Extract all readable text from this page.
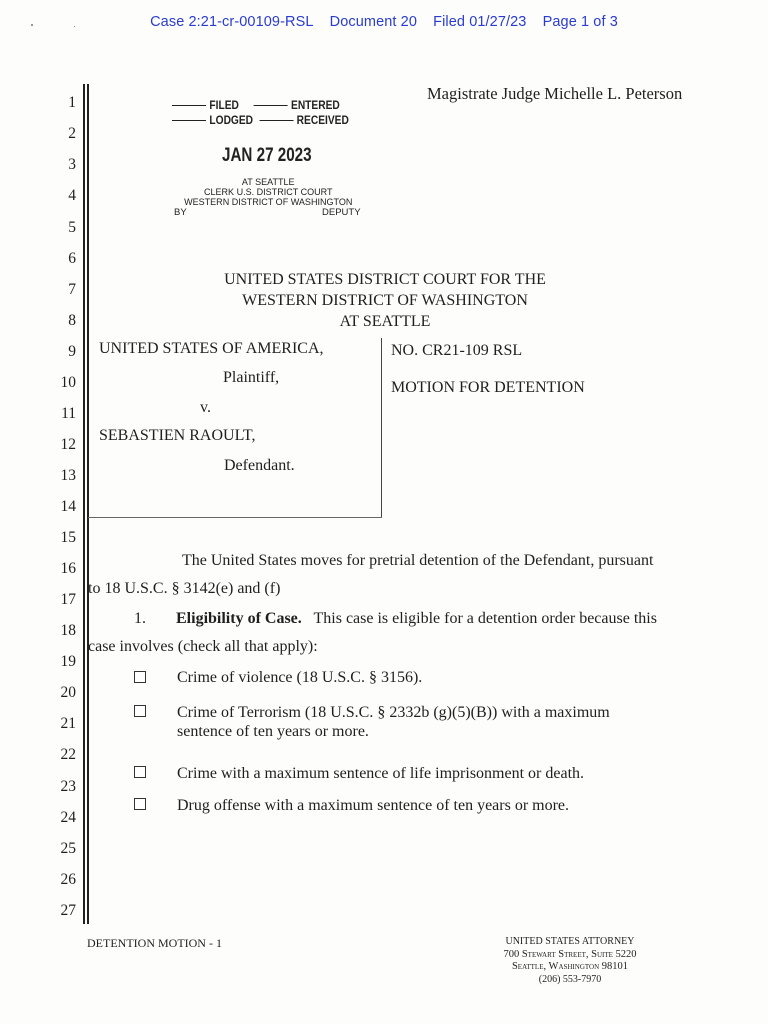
Case 2:21-cr-00109-RSL Document 20 Filed 01/27/23 Page 1 of 3
Magistrate Judge Michelle L. Peterson
1
2
3
4
5
6
7
8
9
10
11
12
13
14
15
16
17
18
19
20
21
22
23
24
25
26
27
FILED	ENTERED
LODGED	RECEIVED
JAN 27 2023
AT SEATTLE
CLERK U.S. DISTRICT COURT
WESTERN DISTRICT OF WASHINGTON
BY	DEPUTY
UNITED STATES DISTRICT COURT FOR THE
WESTERN DISTRICT OF WASHINGTON
AT SEATTLE
UNITED STATES OF AMERICA,
Plaintiff,
v.
SEBASTIEN RAOULT,
Defendant.
NO. CR21-109 RSL
MOTION FOR DETENTION
The United States moves for pretrial detention of the Defendant, pursuant
to 18 U.S.C. § 3142(e) and (f)
1. Eligibility of Case. This case is eligible for a detention order because this
case involves (check all that apply):
Crime of violence (18 U.S.C. § 3156).
Crime of Terrorism (18 U.S.C. § 2332b (g)(5)(B)) with a maximum
sentence of ten years or more.
Crime with a maximum sentence of life imprisonment or death.
Drug offense with a maximum sentence of ten years or more.
DETENTION MOTION - 1	UNITED STATES ATTORNEY
700 Stewart Street, Suite 5220
Seattle, Washington 98101
(206) 553-7970
